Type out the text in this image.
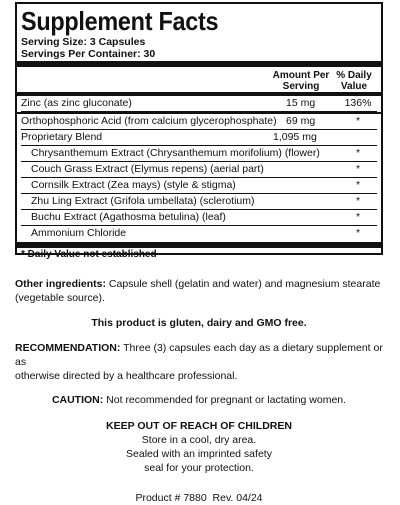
Supplement Facts
Serving Size: 3 Capsules
Servings Per Container: 30
Amount Per
Serving
% Daily
Value
Zinc (as zinc gluconate)	15 mg	136%
Orthophosphoric Acid (from calcium glycerophosphate) 69 mg	*
Proprietary Blend	1,095 mg
Chrysanthemum Extract (Chrysanthemum morifolium) (flower)	*
Couch Grass Extract (Elymus repens) (aerial part)	*
Cornsilk Extract (Zea mays) (style & stigma)	*
Zhu Ling Extract (Grifola umbellata) (sclerotium)	*
Buchu Extract (Agathosma betulina) (leaf)	*
Ammonium Chloride	*
* Daily Value not established

Other ingredients: Capsule shell (gelatin and water) and magnesium stearate
(vegetable source).

This product is gluten, dairy and GMO free.

RECOMMENDATION: Three (3) capsules each day as a dietary supplement or as
otherwise directed by a healthcare professional.

CAUTION: Not recommended for pregnant or lactating women.

KEEP OUT OF REACH OF CHILDREN
Store in a cool, dry area.
Sealed with an imprinted safety
seal for your protection.

Product # 7880  Rev. 04/24
